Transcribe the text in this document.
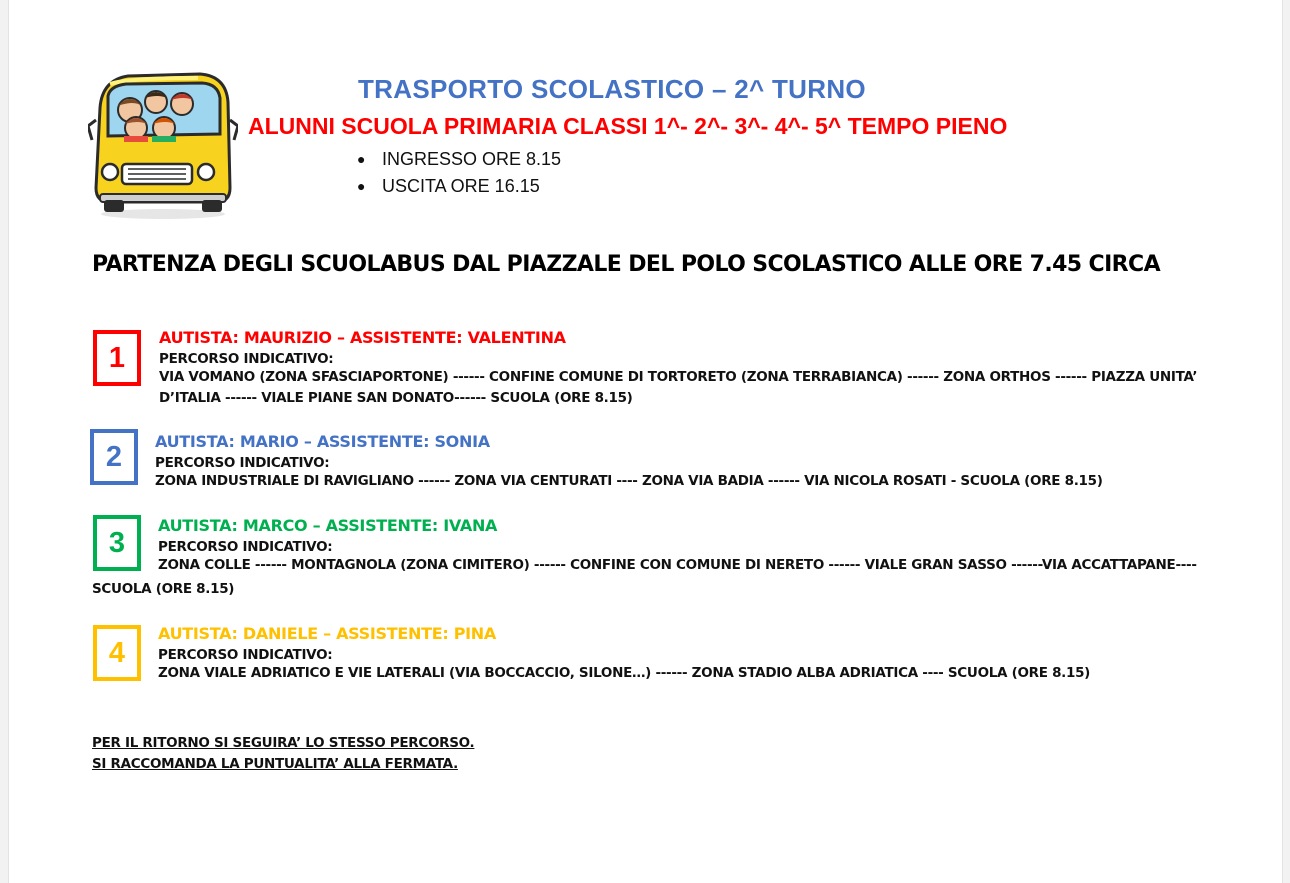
TRASPORTO SCOLASTICO – 2^ TURNO
ALUNNI SCUOLA PRIMARIA CLASSI 1^- 2^- 3^- 4^- 5^ TEMPO PIENO
● INGRESSO ORE 8.15
● USCITA ORE 16.15
PARTENZA DEGLI SCUOLABUS DAL PIAZZALE DEL POLO SCOLASTICO ALLE ORE 7.45 CIRCA
1
AUTISTA: MAURIZIO – ASSISTENTE: VALENTINA
PERCORSO INDICATIVO:
VIA VOMANO (ZONA SFASCIAPORTONE) ------ CONFINE COMUNE DI TORTORETO (ZONA TERRABIANCA) ------ ZONA ORTHOS ------ PIAZZA UNITA’
D’ITALIA ------ VIALE PIANE SAN DONATO------ SCUOLA (ORE 8.15)
2 AUTISTA: MARIO – ASSISTENTE: SONIA
PERCORSO INDICATIVO:
ZONA INDUSTRIALE DI RAVIGLIANO ------ ZONA VIA CENTURATI ---- ZONA VIA BADIA ------ VIA NICOLA ROSATI - SCUOLA (ORE 8.15)
3
AUTISTA: MARCO – ASSISTENTE: IVANA
PERCORSO INDICATIVO:
ZONA COLLE ------ MONTAGNOLA (ZONA CIMITERO) ------ CONFINE CON COMUNE DI NERETO ------ VIALE GRAN SASSO ------VIA ACCATTAPANE----
SCUOLA (ORE 8.15)
4
AUTISTA: DANIELE – ASSISTENTE: PINA
PERCORSO INDICATIVO:
ZONA VIALE ADRIATICO E VIE LATERALI (VIA BOCCACCIO, SILONE…) ------ ZONA STADIO ALBA ADRIATICA ---- SCUOLA (ORE 8.15)
PER IL RITORNO SI SEGUIRA’ LO STESSO PERCORSO.
SI RACCOMANDA LA PUNTUALITA’ ALLA FERMATA.
